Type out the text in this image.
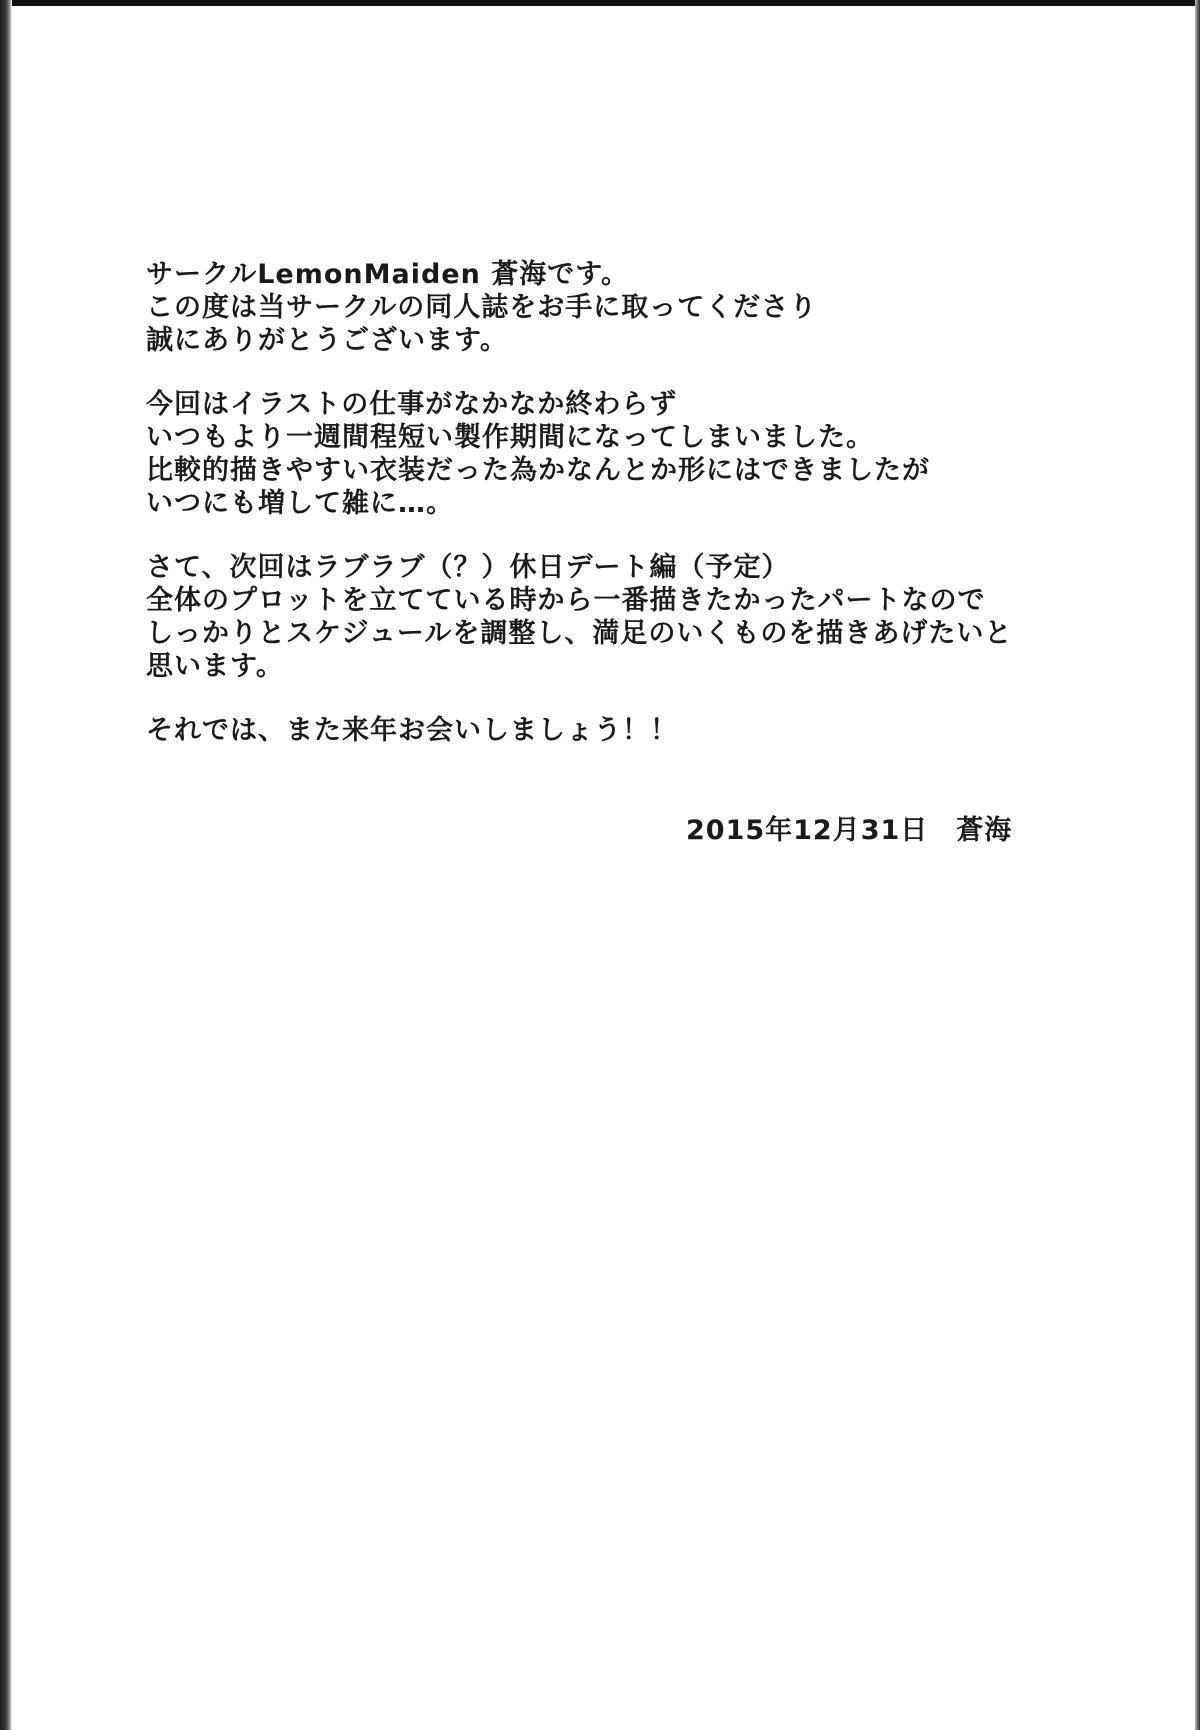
サークルLemonMaiden 蒼海です。
この度は当サークルの同人誌をお手に取ってくださり
誠にありがとうございます。
今回はイラストの仕事がなかなか終わらず
いつもより一週間程短い製作期間になってしまいました。
比較的描きやすい衣装だった為かなんとか形にはできましたが
いつにも増して雑に…。
さて、次回はラブラブ（？）休日デート編（予定）
全体のプロットを立てている時から一番描きたかったパートなので
しっかりとスケジュールを調整し、満足のいくものを描きあげたいと
思います。
それでは、また来年お会いしましょう！！
2015年12月31日 蒼海
